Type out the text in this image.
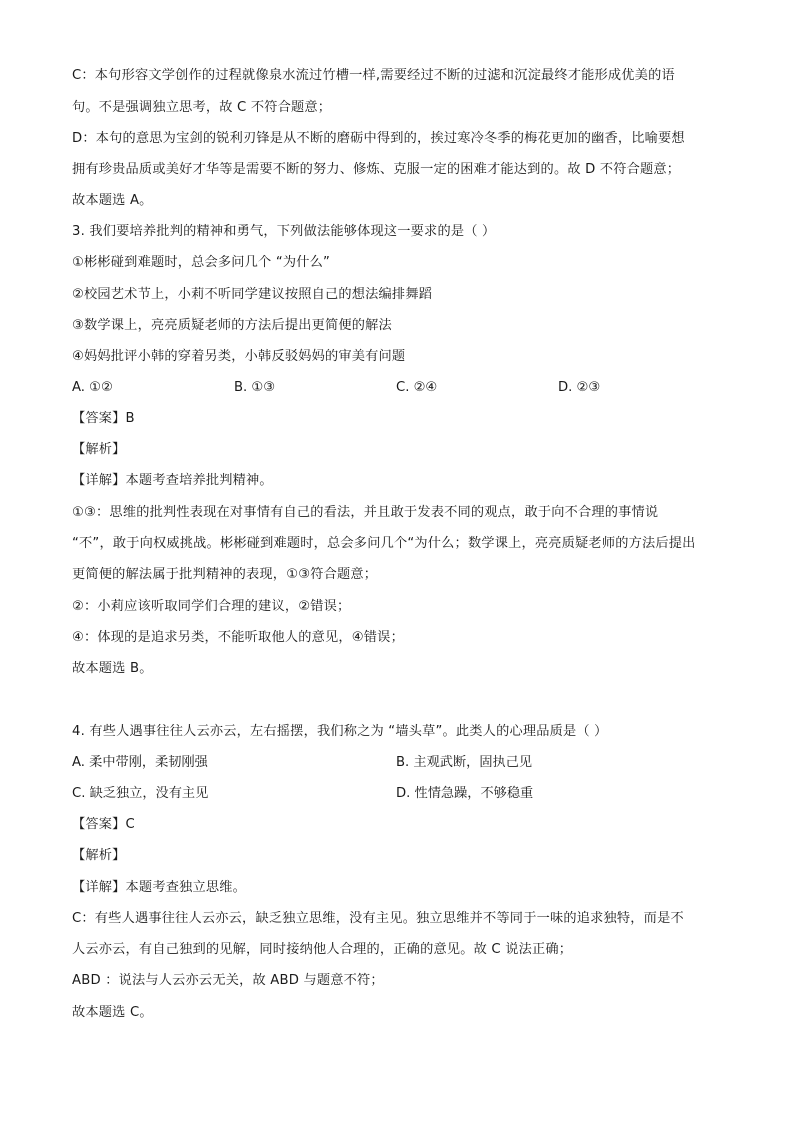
C：本句形容文学创作的过程就像泉水流过竹槽一样,需要经过不断的过滤和沉淀最终才能形成优美的语
句。不是强调独立思考，故 C 不符合题意；
D：本句的意思为宝剑的锐利刃锋是从不断的磨砺中得到的，挨过寒冷冬季的梅花更加的幽香，比喻要想
拥有珍贵品质或美好才华等是需要不断的努力、修炼、克服一定的困难才能达到的。故 D 不符合题意；
故本题选 A。
3. 我们要培养批判的精神和勇气，下列做法能够体现这一要求的是（ ）
①彬彬碰到难题时，总会多问几个 “为什么”
②校园艺术节上，小莉不听同学建议按照自己的想法编排舞蹈
③数学课上，亮亮质疑老师的方法后提出更简便的解法
④妈妈批评小韩的穿着另类，小韩反驳妈妈的审美有问题
A. ①②	B. ①③	C. ②④	D. ②③
【答案】B
【解析】
【详解】本题考查培养批判精神。
①③：思维的批判性表现在对事情有自己的看法，并且敢于发表不同的观点，敢于向不合理的事情说
“不”，敢于向权威挑战。彬彬碰到难题时，总会多问几个“为什么；数学课上，亮亮质疑老师的方法后提出
更简便的解法属于批判精神的表现，①③符合题意；
②：小莉应该听取同学们合理的建议，②错误；
④：体现的是追求另类，不能听取他人的意见，④错误；
故本题选 B。
4. 有些人遇事往往人云亦云，左右摇摆，我们称之为 “墙头草”。此类人的心理品质是（ ）
A. 柔中带刚，柔韧刚强	B. 主观武断，固执己见
C. 缺乏独立，没有主见	D. 性情急躁，不够稳重
【答案】C
【解析】
【详解】本题考查独立思维。
C：有些人遇事往往人云亦云，缺乏独立思维，没有主见。独立思维并不等同于一味的追求独特，而是不
人云亦云，有自己独到的见解，同时接纳他人合理的，正确的意见。故 C 说法正确；
ABD ：说法与人云亦云无关，故 ABD 与题意不符；
故本题选 C。
